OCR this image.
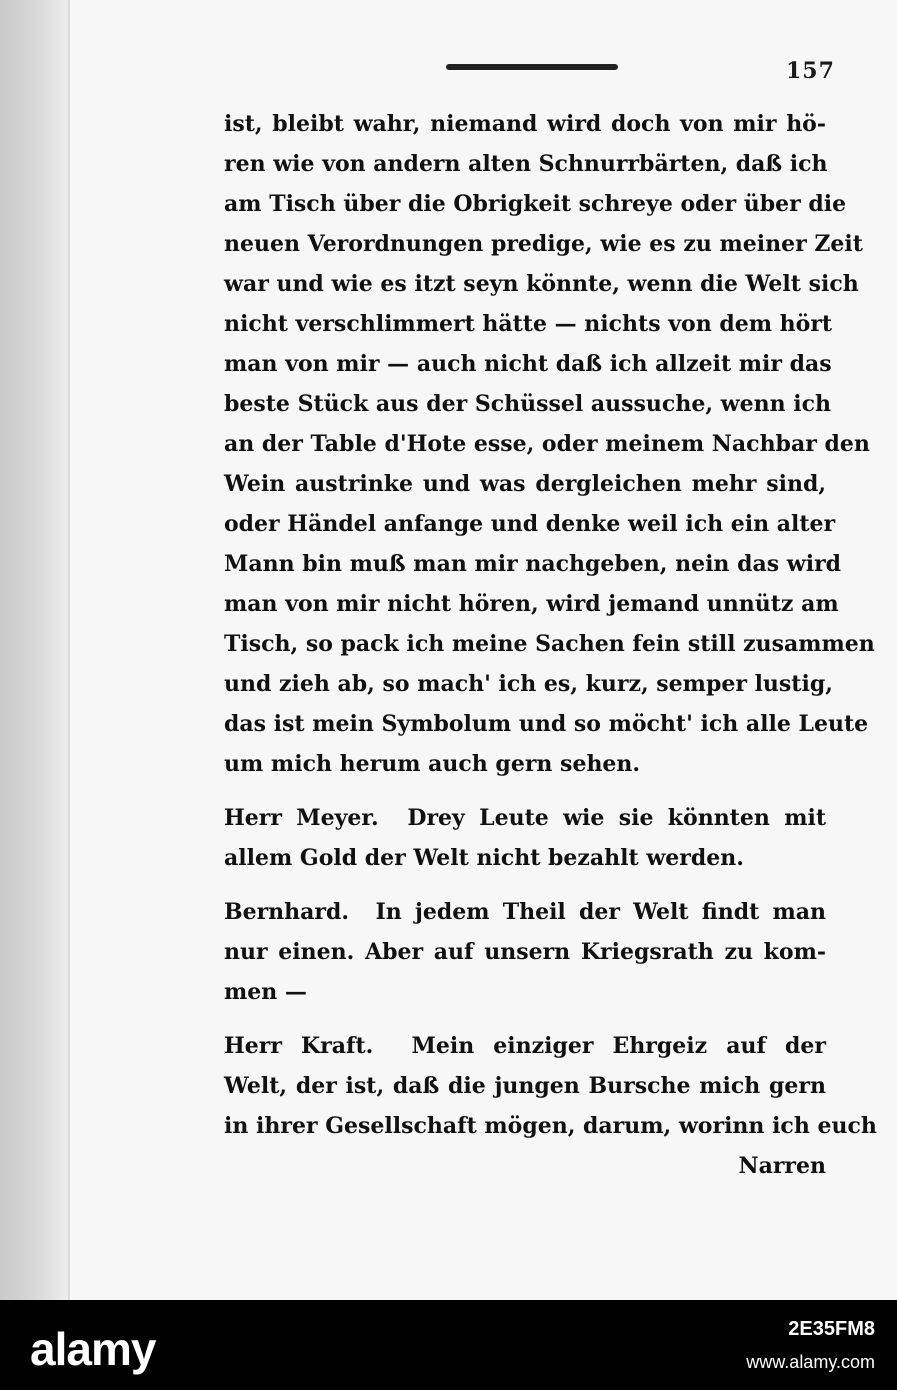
157
ist, bleibt wahr, niemand wird doch von mir hö-
ren wie von andern alten Schnurrbärten, daß ich
am Tisch über die Obrigkeit schreye oder über die
neuen Verordnungen predige, wie es zu meiner Zeit
war und wie es itzt seyn könnte, wenn die Welt sich
nicht verschlimmert hätte — nichts von dem hört
man von mir — auch nicht daß ich allzeit mir das
beste Stück aus der Schüssel aussuche, wenn ich
an der Table d'Hote esse, oder meinem Nachbar den
Wein austrinke und was dergleichen mehr sind,
oder Händel anfange und denke weil ich ein alter
Mann bin muß man mir nachgeben, nein das wird
man von mir nicht hören, wird jemand unnütz am
Tisch, so pack ich meine Sachen fein still zusammen
und zieh ab, so mach' ich es, kurz, semper lustig,
das ist mein Symbolum und so möcht' ich alle Leute
um mich herum auch gern sehen.
Herr Meyer. Drey Leute wie sie könnten mit
allem Gold der Welt nicht bezahlt werden.
Bernhard. In jedem Theil der Welt findt man
nur einen. Aber auf unsern Kriegsrath zu kom-
men —
Herr Kraft. Mein einziger Ehrgeiz auf der
Welt, der ist, daß die jungen Bursche mich gern
in ihrer Gesellschaft mögen, darum, worinn ich euch
Narren
alamy	2E35FM8
www.alamy.com
